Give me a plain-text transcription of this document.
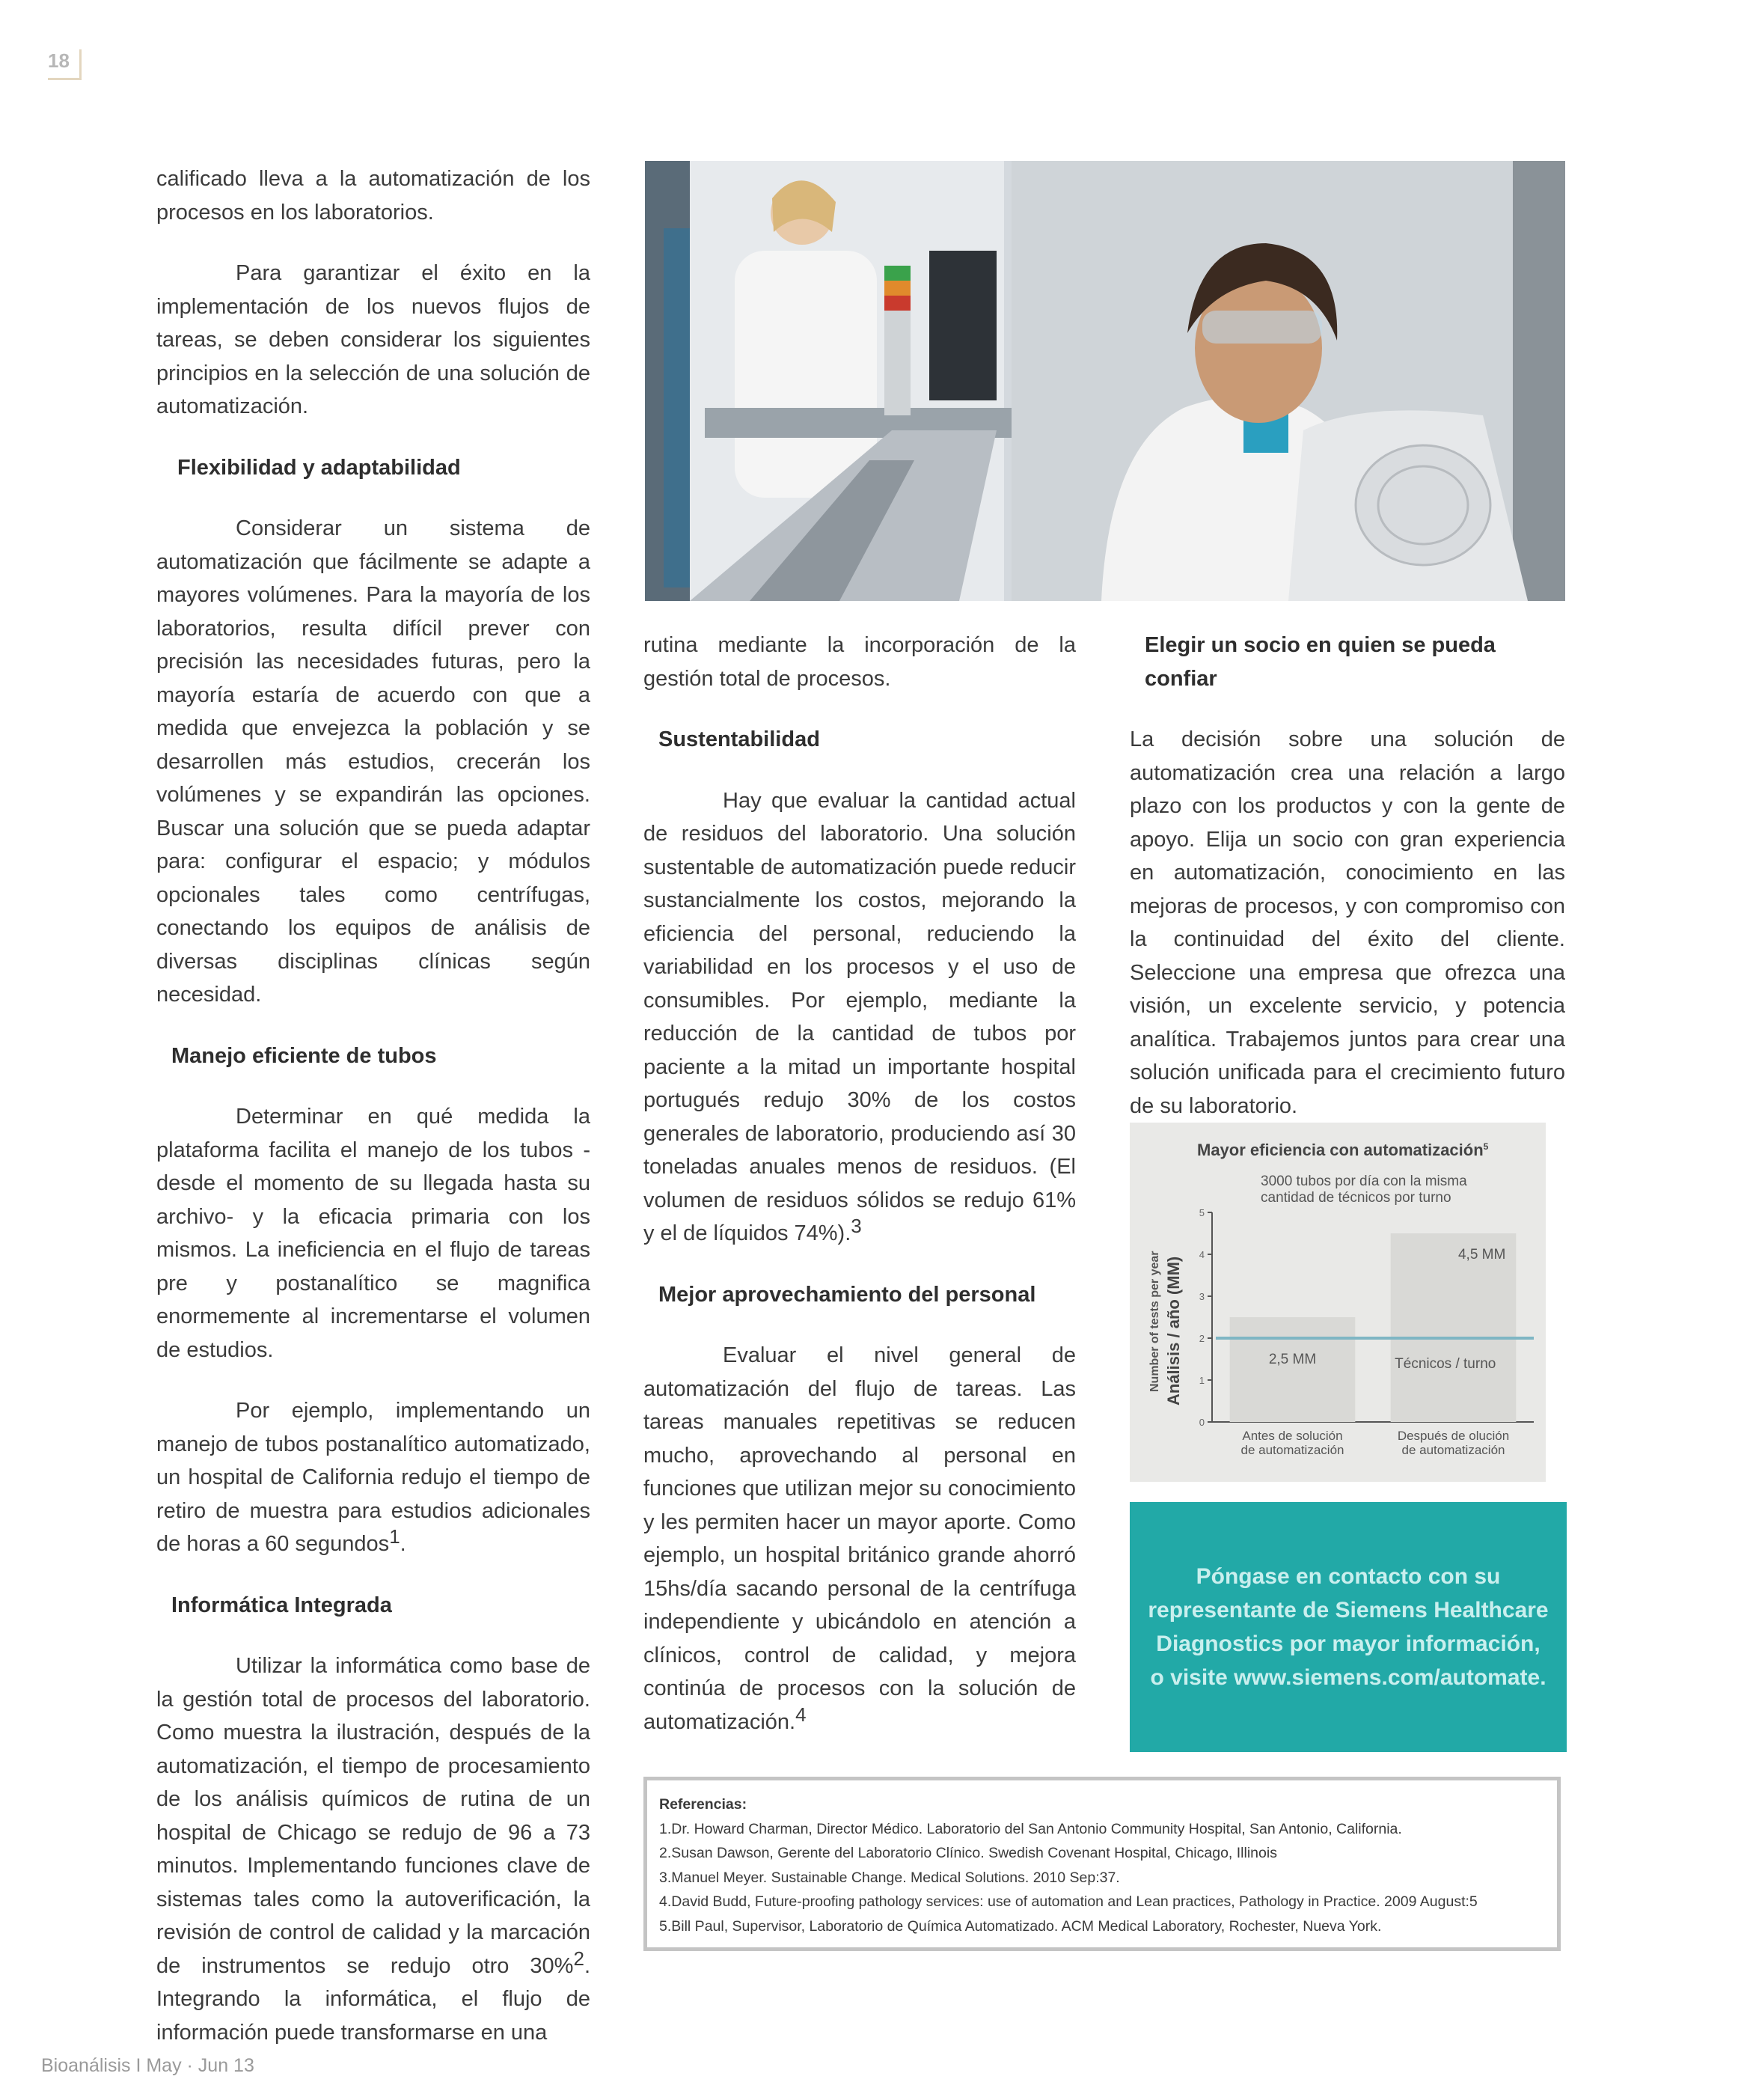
18

calificado lleva a la automatización de los procesos en los laboratorios.

Para garantizar el éxito en la implementación de los nuevos flujos de tareas, se deben considerar los siguientes principios en la selección de una solución de automatización.

Flexibilidad y adaptabilidad

Considerar un sistema de automatización que fácilmente se adapte a mayores volúmenes. Para la mayoría de los laboratorios, resulta difícil prever con precisión las necesidades futuras, pero la mayoría estaría de acuerdo con que a medida que envejezca la población y se desarrollen más estudios, crecerán los volúmenes y se expandirán las opciones. Buscar una solución que se pueda adaptar para: configurar el espacio; y módulos opcionales tales como centrífugas, conectando los equipos de análisis de diversas disciplinas clínicas según necesidad.

Manejo eficiente de tubos

Determinar en qué medida la plataforma facilita el manejo de los tubos - desde el momento de su llegada hasta su archivo- y la eficacia primaria con los mismos. La ineficiencia en el flujo de tareas pre y postanalítico se magnifica enormemente al incrementarse el volumen de estudios.

Por ejemplo, implementando un manejo de tubos postanalítico automatizado, un hospital de California redujo el tiempo de retiro de muestra para estudios adicionales de horas a 60 segundos$^1$.

Informática Integrada

Utilizar la informática como base de la gestión total de procesos del laboratorio. Como muestra la ilustración, después de la automatización, el tiempo de procesamiento de los análisis químicos de rutina de un hospital de Chicago se redujo de 96 a 73 minutos. Implementando funciones clave de sistemas tales como la autoverificación, la revisión de control de calidad y la marcación de instrumentos se redujo otro 30%$^2$. Integrando la informática, el flujo de información puede transformarse en una

rutina mediante la incorporación de la gestión total de procesos.

Sustentabilidad

Hay que evaluar la cantidad actual de residuos del laboratorio. Una solución sustentable de automatización puede reducir sustancialmente los costos, mejorando la eficiencia del personal, reduciendo la variabilidad en los procesos y el uso de consumibles. Por ejemplo, mediante la reducción de la cantidad de tubos por paciente a la mitad un importante hospital portugués redujo 30% de los costos generales de laboratorio, produciendo así 30 toneladas anuales menos de residuos. (El volumen de residuos sólidos se redujo 61% y el de líquidos 74%).$^3$

Mejor aprovechamiento del personal

Evaluar el nivel general de automatización del flujo de tareas. Las tareas manuales repetitivas se reducen mucho, aprovechando al personal en funciones que utilizan mejor su conocimiento y les permiten hacer un mayor aporte. Como ejemplo, un hospital británico grande ahorró 15hs/día sacando personal de la centrífuga independiente y ubicándolo en atención a clínicos, control de calidad, y mejora continúa de procesos con la solución de automatización.$^4$

Elegir un socio en quien se pueda confiar

La decisión sobre una solución de automatización crea una relación a largo plazo con los productos y con la gente de apoyo. Elija un socio con gran experiencia en automatización, conocimiento en las mejoras de procesos, y con compromiso con la continuidad del éxito del cliente. Seleccione una empresa que ofrezca una visión, un excelente servicio, y potencia analítica. Trabajemos juntos para crear una solución unificada para el crecimiento futuro de su laboratorio.

Mayor eficiencia con automatización$^5$
3000 tubos por día con la misma
cantidad de técnicos por turno
Number of tests per year Análisis / año (MM)
0
1
2
3
4
5
2,5 MM
Antes de solución
de automatización
4,5 MM
Después de olución
de automatización
Técnicos / turno
Póngase en contacto con su representante de Siemens Healthcare Diagnostics por mayor información, o visite www.siemens.com/automate.
Referencias:
1.Dr. Howard Charman, Director Médico. Laboratorio del San Antonio Community Hospital, San Antonio, California.
2.Susan Dawson, Gerente del Laboratorio Clínico. Swedish Covenant Hospital, Chicago, Illinois
3.Manuel Meyer. Sustainable Change. Medical Solutions. 2010 Sep:37.
4.David Budd, Future-proofing pathology services: use of automation and Lean practices, Pathology in Practice. 2009 August:5
5.Bill Paul, Supervisor, Laboratorio de Química Automatizado. ACM Medical Laboratory, Rochester, Nueva York.
Bioanálisis I May · Jun 13
